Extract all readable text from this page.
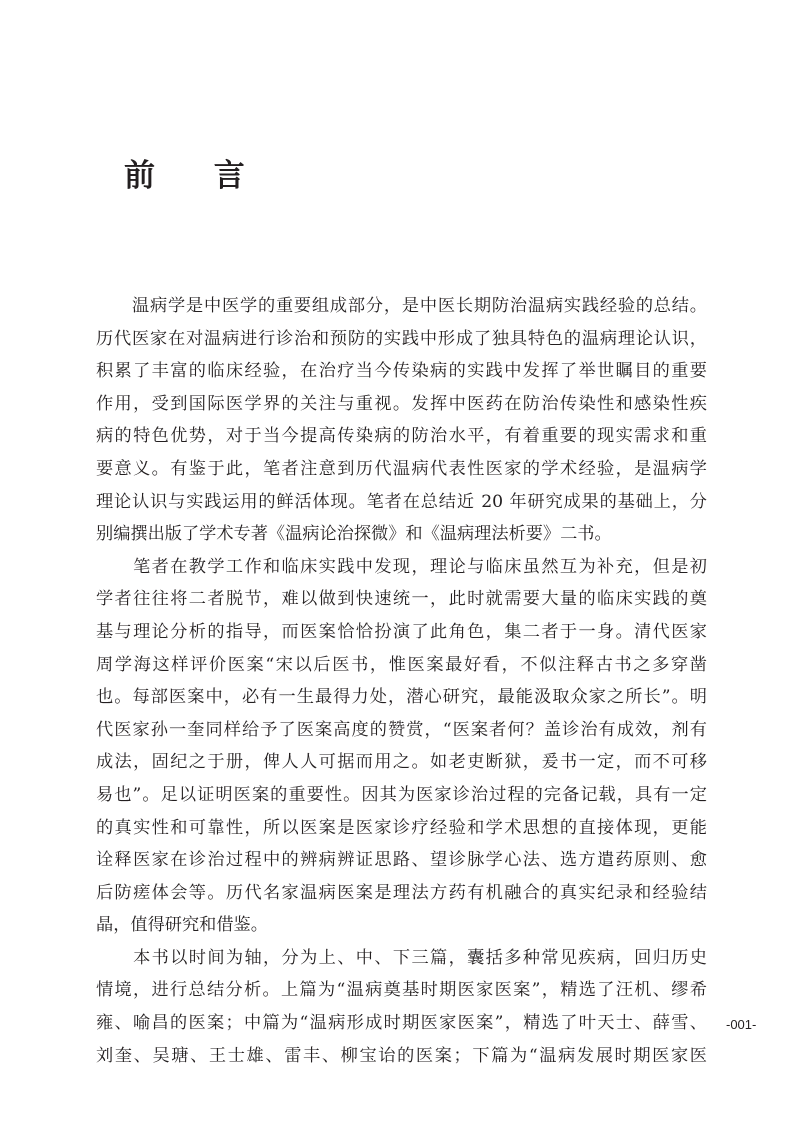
前 言
　　温病学是中医学的重要组成部分，是中医长期防治温病实践经验的总结。
历代医家在对温病进行诊治和预防的实践中形成了独具特色的温病理论认识，
积累了丰富的临床经验，在治疗当今传染病的实践中发挥了举世瞩目的重要
作用，受到国际医学界的关注与重视。发挥中医药在防治传染性和感染性疾
病的特色优势，对于当今提高传染病的防治水平，有着重要的现实需求和重
要意义。有鉴于此，笔者注意到历代温病代表性医家的学术经验，是温病学
理论认识与实践运用的鲜活体现。笔者在总结近 20 年研究成果的基础上，分
别编撰出版了学术专著《温病论治探微》和《温病理法析要》二书。
　　笔者在教学工作和临床实践中发现，理论与临床虽然互为补充，但是初
学者往往将二者脱节，难以做到快速统一，此时就需要大量的临床实践的奠
基与理论分析的指导，而医案恰恰扮演了此角色，集二者于一身。清代医家
周学海这样评价医案“宋以后医书，惟医案最好看，不似注释古书之多穿凿
也。每部医案中，必有一生最得力处，潜心研究，最能汲取众家之所长”。明
代医家孙一奎同样给予了医案高度的赞赏，“医案者何？盖诊治有成效，剂有
成法，固纪之于册，俾人人可据而用之。如老吏断狱，爰书一定，而不可移
易也”。足以证明医案的重要性。因其为医家诊治过程的完备记载，具有一定
的真实性和可靠性，所以医案是医家诊疗经验和学术思想的直接体现，更能
诠释医家在诊治过程中的辨病辨证思路、望诊脉学心法、选方遣药原则、愈
后防瘥体会等。历代名家温病医案是理法方药有机融合的真实纪录和经验结
晶，值得研究和借鉴。
　　本书以时间为轴，分为上、中、下三篇，囊括多种常见疾病，回归历史
情境，进行总结分析。上篇为“温病奠基时期医家医案”，精选了汪机、缪希
雍、喻昌的医案；中篇为“温病形成时期医家医案”，精选了叶天士、薛雪、
刘奎、吴瑭、王士雄、雷丰、柳宝诒的医案；下篇为“温病发展时期医家医
-001-
